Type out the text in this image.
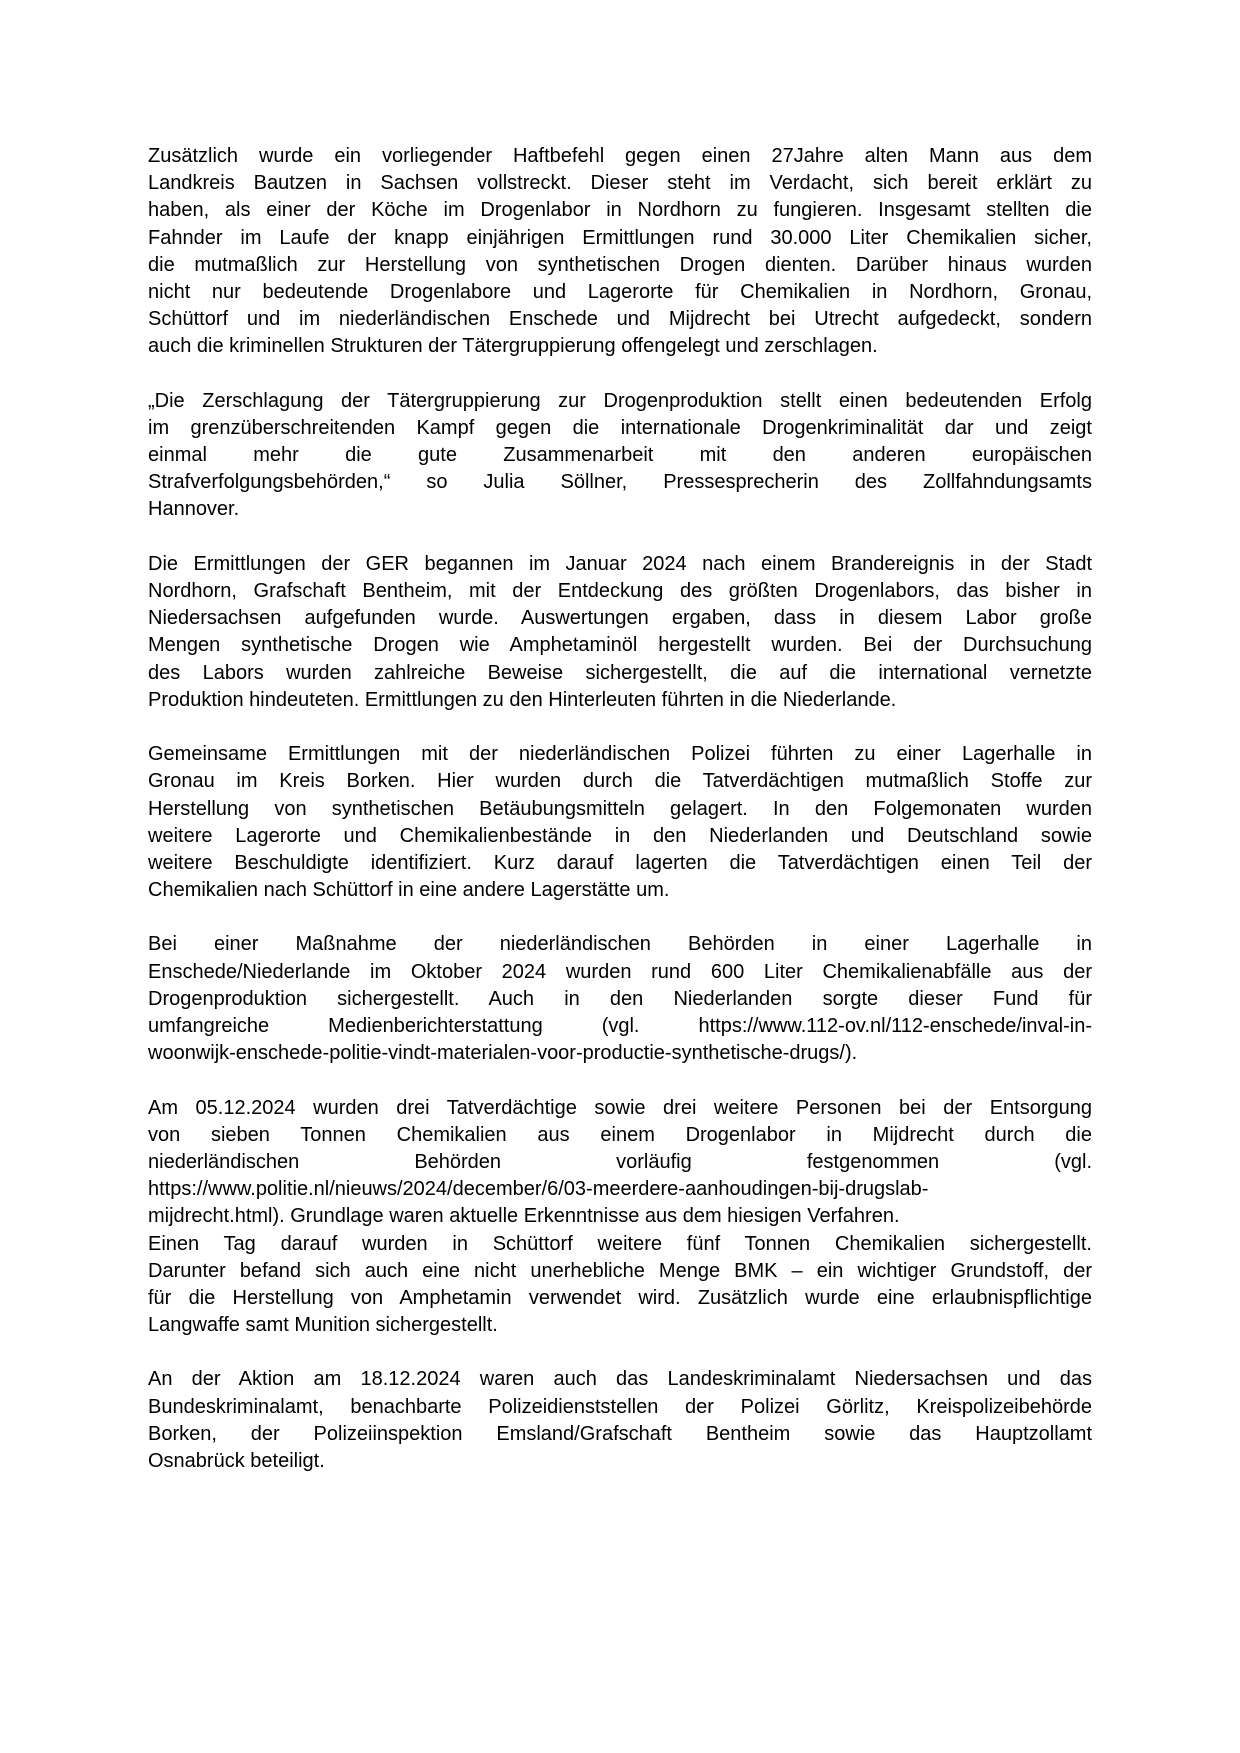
Zusätzlich wurde ein vorliegender Haftbefehl gegen einen 27Jahre alten Mann aus dem
Landkreis Bautzen in Sachsen vollstreckt. Dieser steht im Verdacht, sich bereit erklärt zu
haben, als einer der Köche im Drogenlabor in Nordhorn zu fungieren. Insgesamt stellten die
Fahnder im Laufe der knapp einjährigen Ermittlungen rund 30.000 Liter Chemikalien sicher,
die mutmaßlich zur Herstellung von synthetischen Drogen dienten. Darüber hinaus wurden
nicht nur bedeutende Drogenlabore und Lagerorte für Chemikalien in Nordhorn, Gronau,
Schüttorf und im niederländischen Enschede und Mijdrecht bei Utrecht aufgedeckt, sondern
auch die kriminellen Strukturen der Tätergruppierung offengelegt und zerschlagen.
„Die Zerschlagung der Tätergruppierung zur Drogenproduktion stellt einen bedeutenden Erfolg
im grenzüberschreitenden Kampf gegen die internationale Drogenkriminalität dar und zeigt
einmal mehr die gute Zusammenarbeit mit den anderen europäischen
Strafverfolgungsbehörden,“ so Julia Söllner, Pressesprecherin des Zollfahndungsamts
Hannover.
Die Ermittlungen der GER begannen im Januar 2024 nach einem Brandereignis in der Stadt
Nordhorn, Grafschaft Bentheim, mit der Entdeckung des größten Drogenlabors, das bisher in
Niedersachsen aufgefunden wurde. Auswertungen ergaben, dass in diesem Labor große
Mengen synthetische Drogen wie Amphetaminöl hergestellt wurden. Bei der Durchsuchung
des Labors wurden zahlreiche Beweise sichergestellt, die auf die international vernetzte
Produktion hindeuteten. Ermittlungen zu den Hinterleuten führten in die Niederlande.
Gemeinsame Ermittlungen mit der niederländischen Polizei führten zu einer Lagerhalle in
Gronau im Kreis Borken. Hier wurden durch die Tatverdächtigen mutmaßlich Stoffe zur
Herstellung von synthetischen Betäubungsmitteln gelagert. In den Folgemonaten wurden
weitere Lagerorte und Chemikalienbestände in den Niederlanden und Deutschland sowie
weitere Beschuldigte identifiziert. Kurz darauf lagerten die Tatverdächtigen einen Teil der
Chemikalien nach Schüttorf in eine andere Lagerstätte um.
Bei einer Maßnahme der niederländischen Behörden in einer Lagerhalle in
Enschede/Niederlande im Oktober 2024 wurden rund 600 Liter Chemikalienabfälle aus der
Drogenproduktion sichergestellt. Auch in den Niederlanden sorgte dieser Fund für
umfangreiche Medienberichterstattung (vgl. https://www.112-ov.nl/112-enschede/inval-in-
woonwijk-enschede-politie-vindt-materialen-voor-productie-synthetische-drugs/).
Am 05.12.2024 wurden drei Tatverdächtige sowie drei weitere Personen bei der Entsorgung
von sieben Tonnen Chemikalien aus einem Drogenlabor in Mijdrecht durch die
niederländischen Behörden vorläufig festgenommen (vgl.
https://www.politie.nl/nieuws/2024/december/6/03-meerdere-aanhoudingen-bij-drugslab-
mijdrecht.html). Grundlage waren aktuelle Erkenntnisse aus dem hiesigen Verfahren.
Einen Tag darauf wurden in Schüttorf weitere fünf Tonnen Chemikalien sichergestellt.
Darunter befand sich auch eine nicht unerhebliche Menge BMK – ein wichtiger Grundstoff, der
für die Herstellung von Amphetamin verwendet wird. Zusätzlich wurde eine erlaubnispflichtige
Langwaffe samt Munition sichergestellt.
An der Aktion am 18.12.2024 waren auch das Landeskriminalamt Niedersachsen und das
Bundeskriminalamt, benachbarte Polizeidienststellen der Polizei Görlitz, Kreispolizeibehörde
Borken, der Polizeiinspektion Emsland/Grafschaft Bentheim sowie das Hauptzollamt
Osnabrück beteiligt.
